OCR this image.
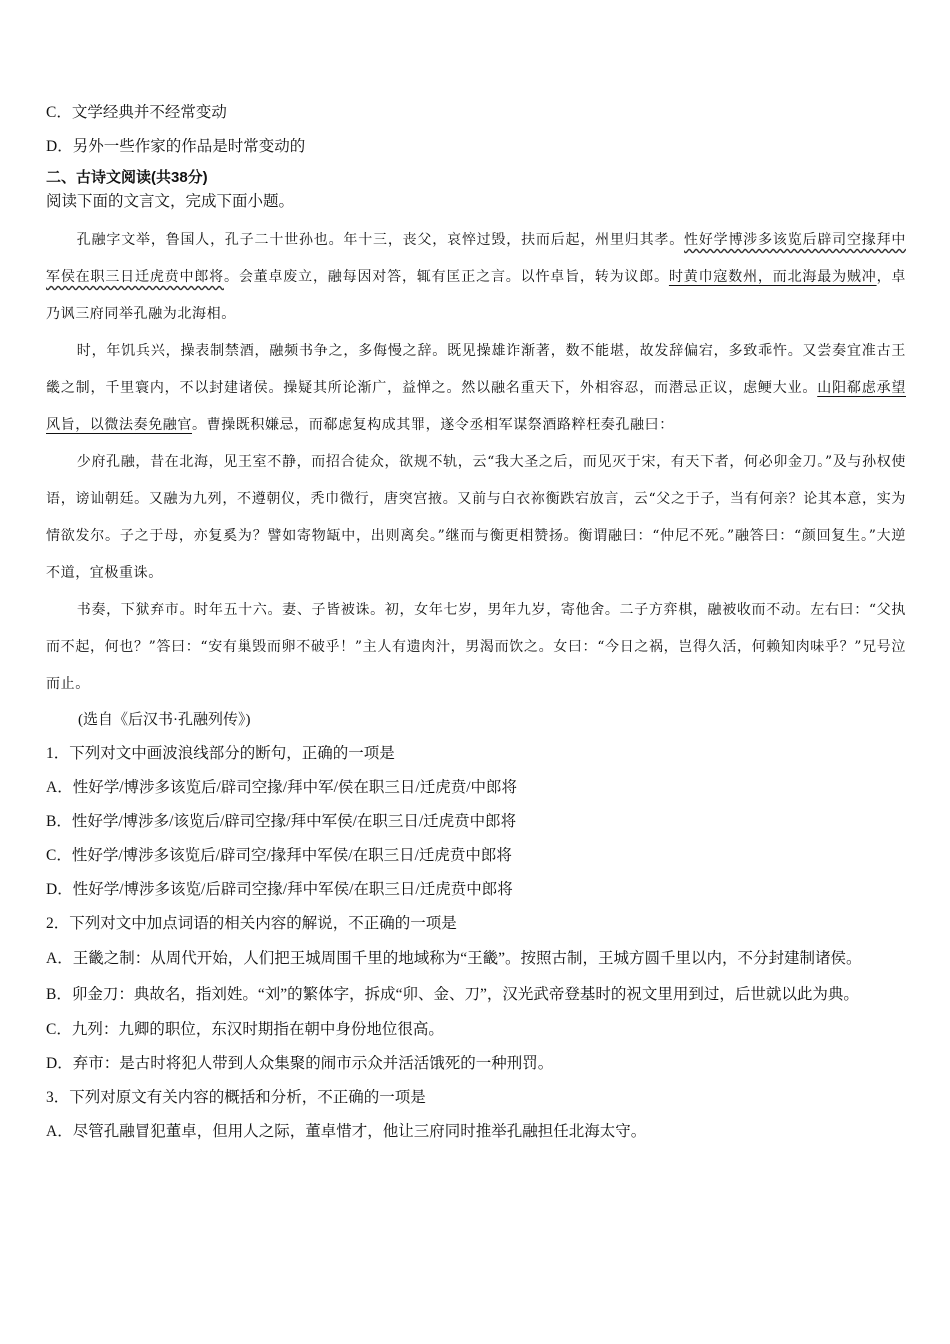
C．文学经典并不经常变动
D．另外一些作家的作品是时常变动的
二、古诗文阅读(共38分)
阅读下面的文言文，完成下面小题。

孔融字文举，鲁国人，孔子二十世孙也。年十三，丧父，哀悴过毁，扶而后起，州里归其孝。性好学博涉多该览后辟司空掾拜中军侯在职三日迁虎贲中郎将。会董卓废立，融每因对答，辄有匡正之言。以忤卓旨，转为议郎。时黄巾寇数州，而北海最为贼冲，卓乃讽三府同举孔融为北海相。

时，年饥兵兴，操表制禁酒，融频书争之，多侮慢之辞。既见操雄诈渐著，数不能堪，故发辞偏宕，多致乖忤。又尝奏宜准古王畿之制，千里寰内，不以封建诸侯。操疑其所论渐广，益惮之。然以融名重天下，外相容忍，而潜忌正议，虑鲠大业。山阳郗虑承望风旨，以微法奏免融官。曹操既积嫌忌，而郗虑复构成其罪，遂令丞相军谋祭酒路粹枉奏孔融曰：

少府孔融，昔在北海，见王室不静，而招合徒众，欲规不轨，云“我大圣之后，而见灭于宋，有天下者，何必卯金刀。”及与孙权使语，谤讪朝廷。又融为九列，不遵朝仪，秃巾微行，唐突宫掖。又前与白衣祢衡跌宕放言，云“父之于子，当有何亲？论其本意，实为情欲发尔。子之于母，亦复奚为？譬如寄物缻中，出则离矣。”继而与衡更相赞扬。衡谓融曰：“仲尼不死。”融答曰：“颜回复生。”大逆不道，宜极重诛。

书奏，下狱弃市。时年五十六。妻、子皆被诛。初，女年七岁，男年九岁，寄他舍。二子方弈棋，融被收而不动。左右曰：“父执而不起，何也？”答曰：“安有巢毁而卵不破乎！”主人有遗肉汁，男渴而饮之。女曰：“今日之祸，岂得久活，何赖知肉味乎？”兄号泣而止。

(选自《后汉书·孔融列传》)
1．下列对文中画波浪线部分的断句，正确的一项是
A．性好学/博涉多该览后/辟司空掾/拜中军/侯在职三日/迁虎贲/中郎将
B．性好学/博涉多/该览后/辟司空掾/拜中军侯/在职三日/迁虎贲中郎将
C．性好学/博涉多该览后/辟司空/掾拜中军侯/在职三日/迁虎贲中郎将
D．性好学/博涉多该览/后辟司空掾/拜中军侯/在职三日/迁虎贲中郎将
2．下列对文中加点词语的相关内容的解说，不正确的一项是
A．王畿之制：从周代开始，人们把王城周围千里的地域称为“王畿”。按照古制，王城方圆千里以内，不分封建制诸侯。
B．卯金刀：典故名，指刘姓。“刘”的繁体字，拆成“卯、金、刀”，汉光武帝登基时的祝文里用到过，后世就以此为典。
C．九列：九卿的职位，东汉时期指在朝中身份地位很高。
D．弃市：是古时将犯人带到人众集聚的闹市示众并活活饿死的一种刑罚。
3．下列对原文有关内容的概括和分析，不正确的一项是
A．尽管孔融冒犯董卓，但用人之际，董卓惜才，他让三府同时推举孔融担任北海太守。
